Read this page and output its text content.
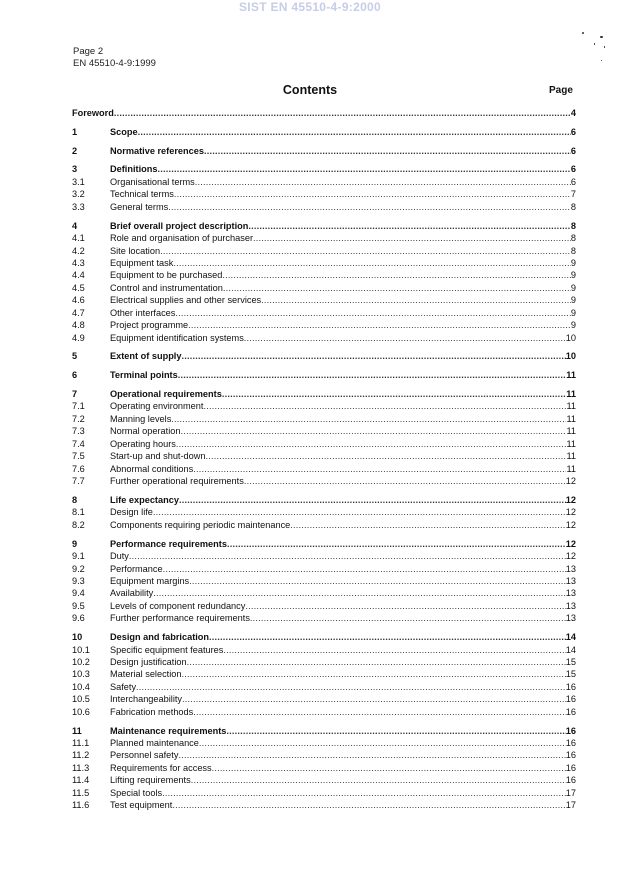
SIST EN 45510-4-9:2000
Page 2
EN 45510-4-9:1999
Contents	Page
Foreword .....	4
1	Scope .....	6
2	Normative references .....	6
3	Definitions .....	6
3.1	Organisational terms .....	6
3.2	Technical terms .....	7
3.3	General terms .....	8
4	Brief overall project description .....	8
4.1	Role and organisation of purchaser .....	8
4.2	Site location .....	8
4.3	Equipment task .....	9
4.4	Equipment to be purchased .....	9
4.5	Control and instrumentation .....	9
4.6	Electrical supplies and other services .....	9
4.7	Other interfaces .....	9
4.8	Project programme .....	9
4.9	Equipment identification systems .....	10
5	Extent of supply .....	10
6	Terminal points .....	11
7	Operational requirements .....	11
7.1	Operating environment .....	11
7.2	Manning levels .....	11
7.3	Normal operation .....	11
7.4	Operating hours .....	11
7.5	Start-up and shut-down .....	11
7.6	Abnormal conditions .....	11
7.7	Further operational requirements .....	12
8	Life expectancy .....	12
8.1	Design life .....	12
8.2	Components requiring periodic maintenance .....	12
9	Performance requirements .....	12
9.1	Duty .....	12
9.2	Performance .....	13
9.3	Equipment margins .....	13
9.4	Availability .....	13
9.5	Levels of component redundancy .....	13
9.6	Further performance requirements .....	13
10	Design and fabrication .....	14
10.1 Specific equipment features .....	14
10.2 Design justification .....	15
10.3 Material selection .....	15
10.4 Safety .....	16
10.5 Interchangeability .....	16
10.6 Fabrication methods .....	16
11	Maintenance requirements .....	16
11.1 Planned maintenance .....	16
11.2 Personnel safety .....	16
11.3 Requirements for access .....	16
11.4 Lifting requirements .....	16
11.5 Special tools .....	17
11.6 Test equipment .....	17
